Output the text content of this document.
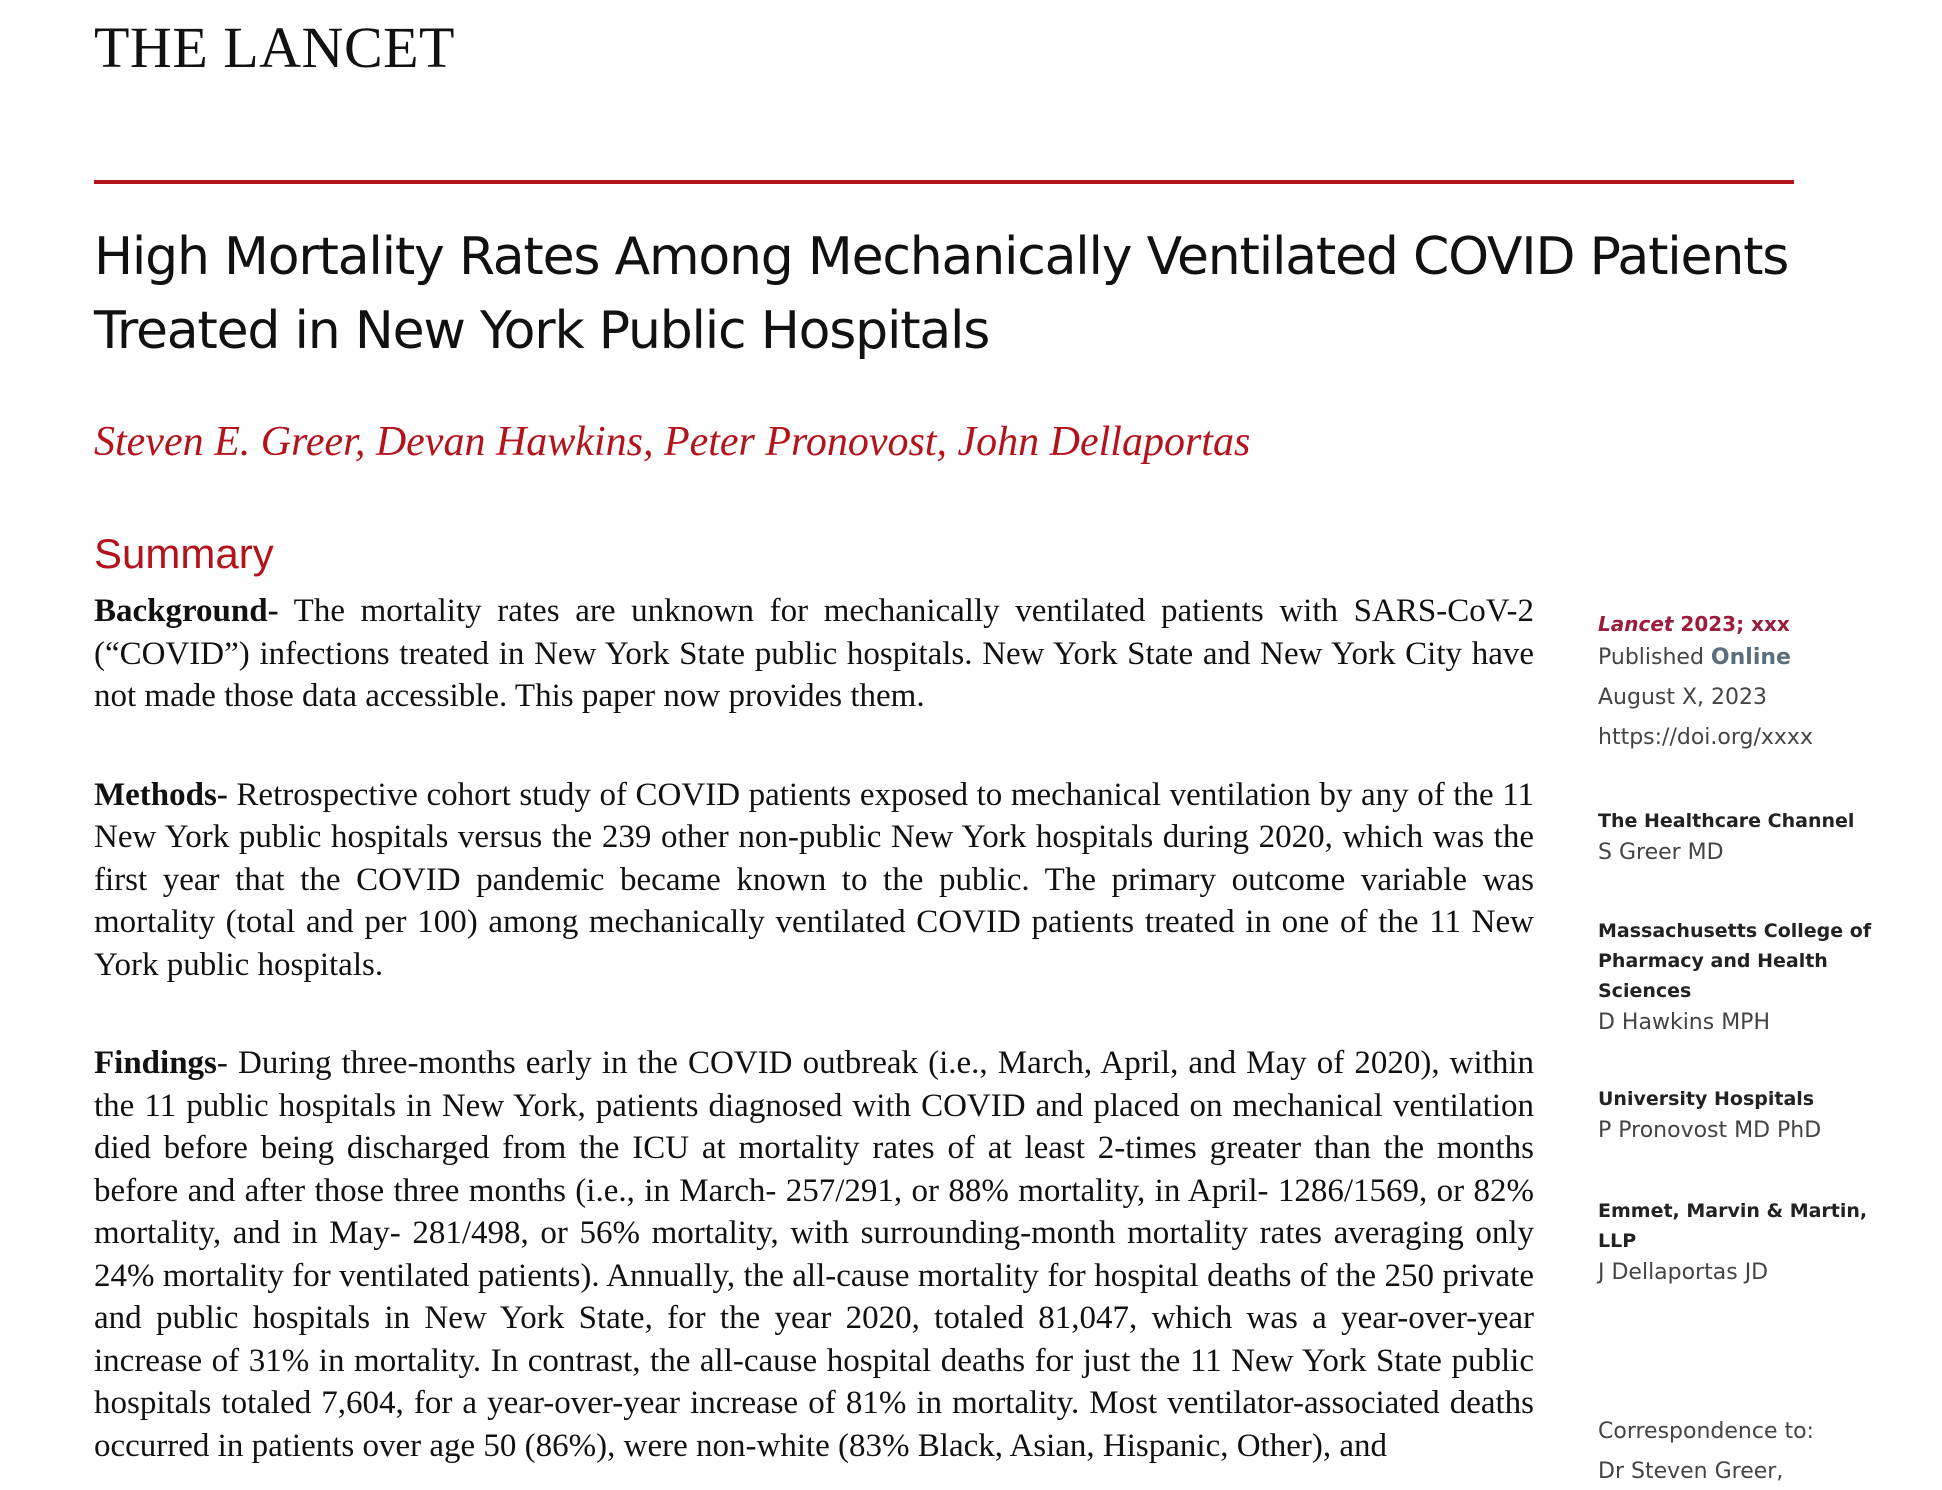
THE LANCET
High Mortality Rates Among Mechanically Ventilated COVID Patients Treated in New York Public Hospitals
Steven E. Greer, Devan Hawkins, Peter Pronovost, John Dellaportas
Summary

Background- The mortality rates are unknown for mechanically ventilated patients with SARS-CoV-2 (“COVID”) infections treated in New York State public hospitals. New York State and New York City have not made those data accessible. This paper now provides them.

Methods- Retrospective cohort study of COVID patients exposed to mechanical ventilation by any of the 11 New York public hospitals versus the 239 other non-public New York hospitals during 2020, which was the first year that the COVID pandemic became known to the public. The primary outcome variable was mortality (total and per 100) among mechanically ventilated COVID patients treated in one of the 11 New York public hospitals.

Findings- During three-months early in the COVID outbreak (i.e., March, April, and May of 2020), within the 11 public hospitals in New York, patients diagnosed with COVID and placed on mechanical ventilation died before being discharged from the ICU at mortality rates of at least 2-times greater than the months before and after those three months (i.e., in March- 257/291, or 88% mortality, in April- 1286/1569, or 82% mortality, and in May- 281/498, or 56% mortality, with surrounding-month mortality rates averaging only 24% mortality for ventilated patients). Annually, the all-cause mortality for hospital deaths of the 250 private and public hospitals in New York State, for the year 2020, totaled 81,047, which was a year-over-year increase of 31% in mortality. In contrast, the all-cause hospital deaths for just the 11 New York State public hospitals totaled 7,604, for a year-over-year increase of 81% in mortality. Most ventilator-associated deaths occurred in patients over age 50 (86%), were non-white (83% Black, Asian, Hispanic, Other), and

Lancet 2023; xxx
Published Online
August X, 2023
https://doi.org/xxxx
The Healthcare Channel
S Greer MD
Massachusetts College of Pharmacy and Health Sciences
D Hawkins MPH
University Hospitals
P Pronovost MD PhD
Emmet, Marvin & Martin, LLP
J Dellaportas JD
Correspondence to:
Dr Steven Greer,
